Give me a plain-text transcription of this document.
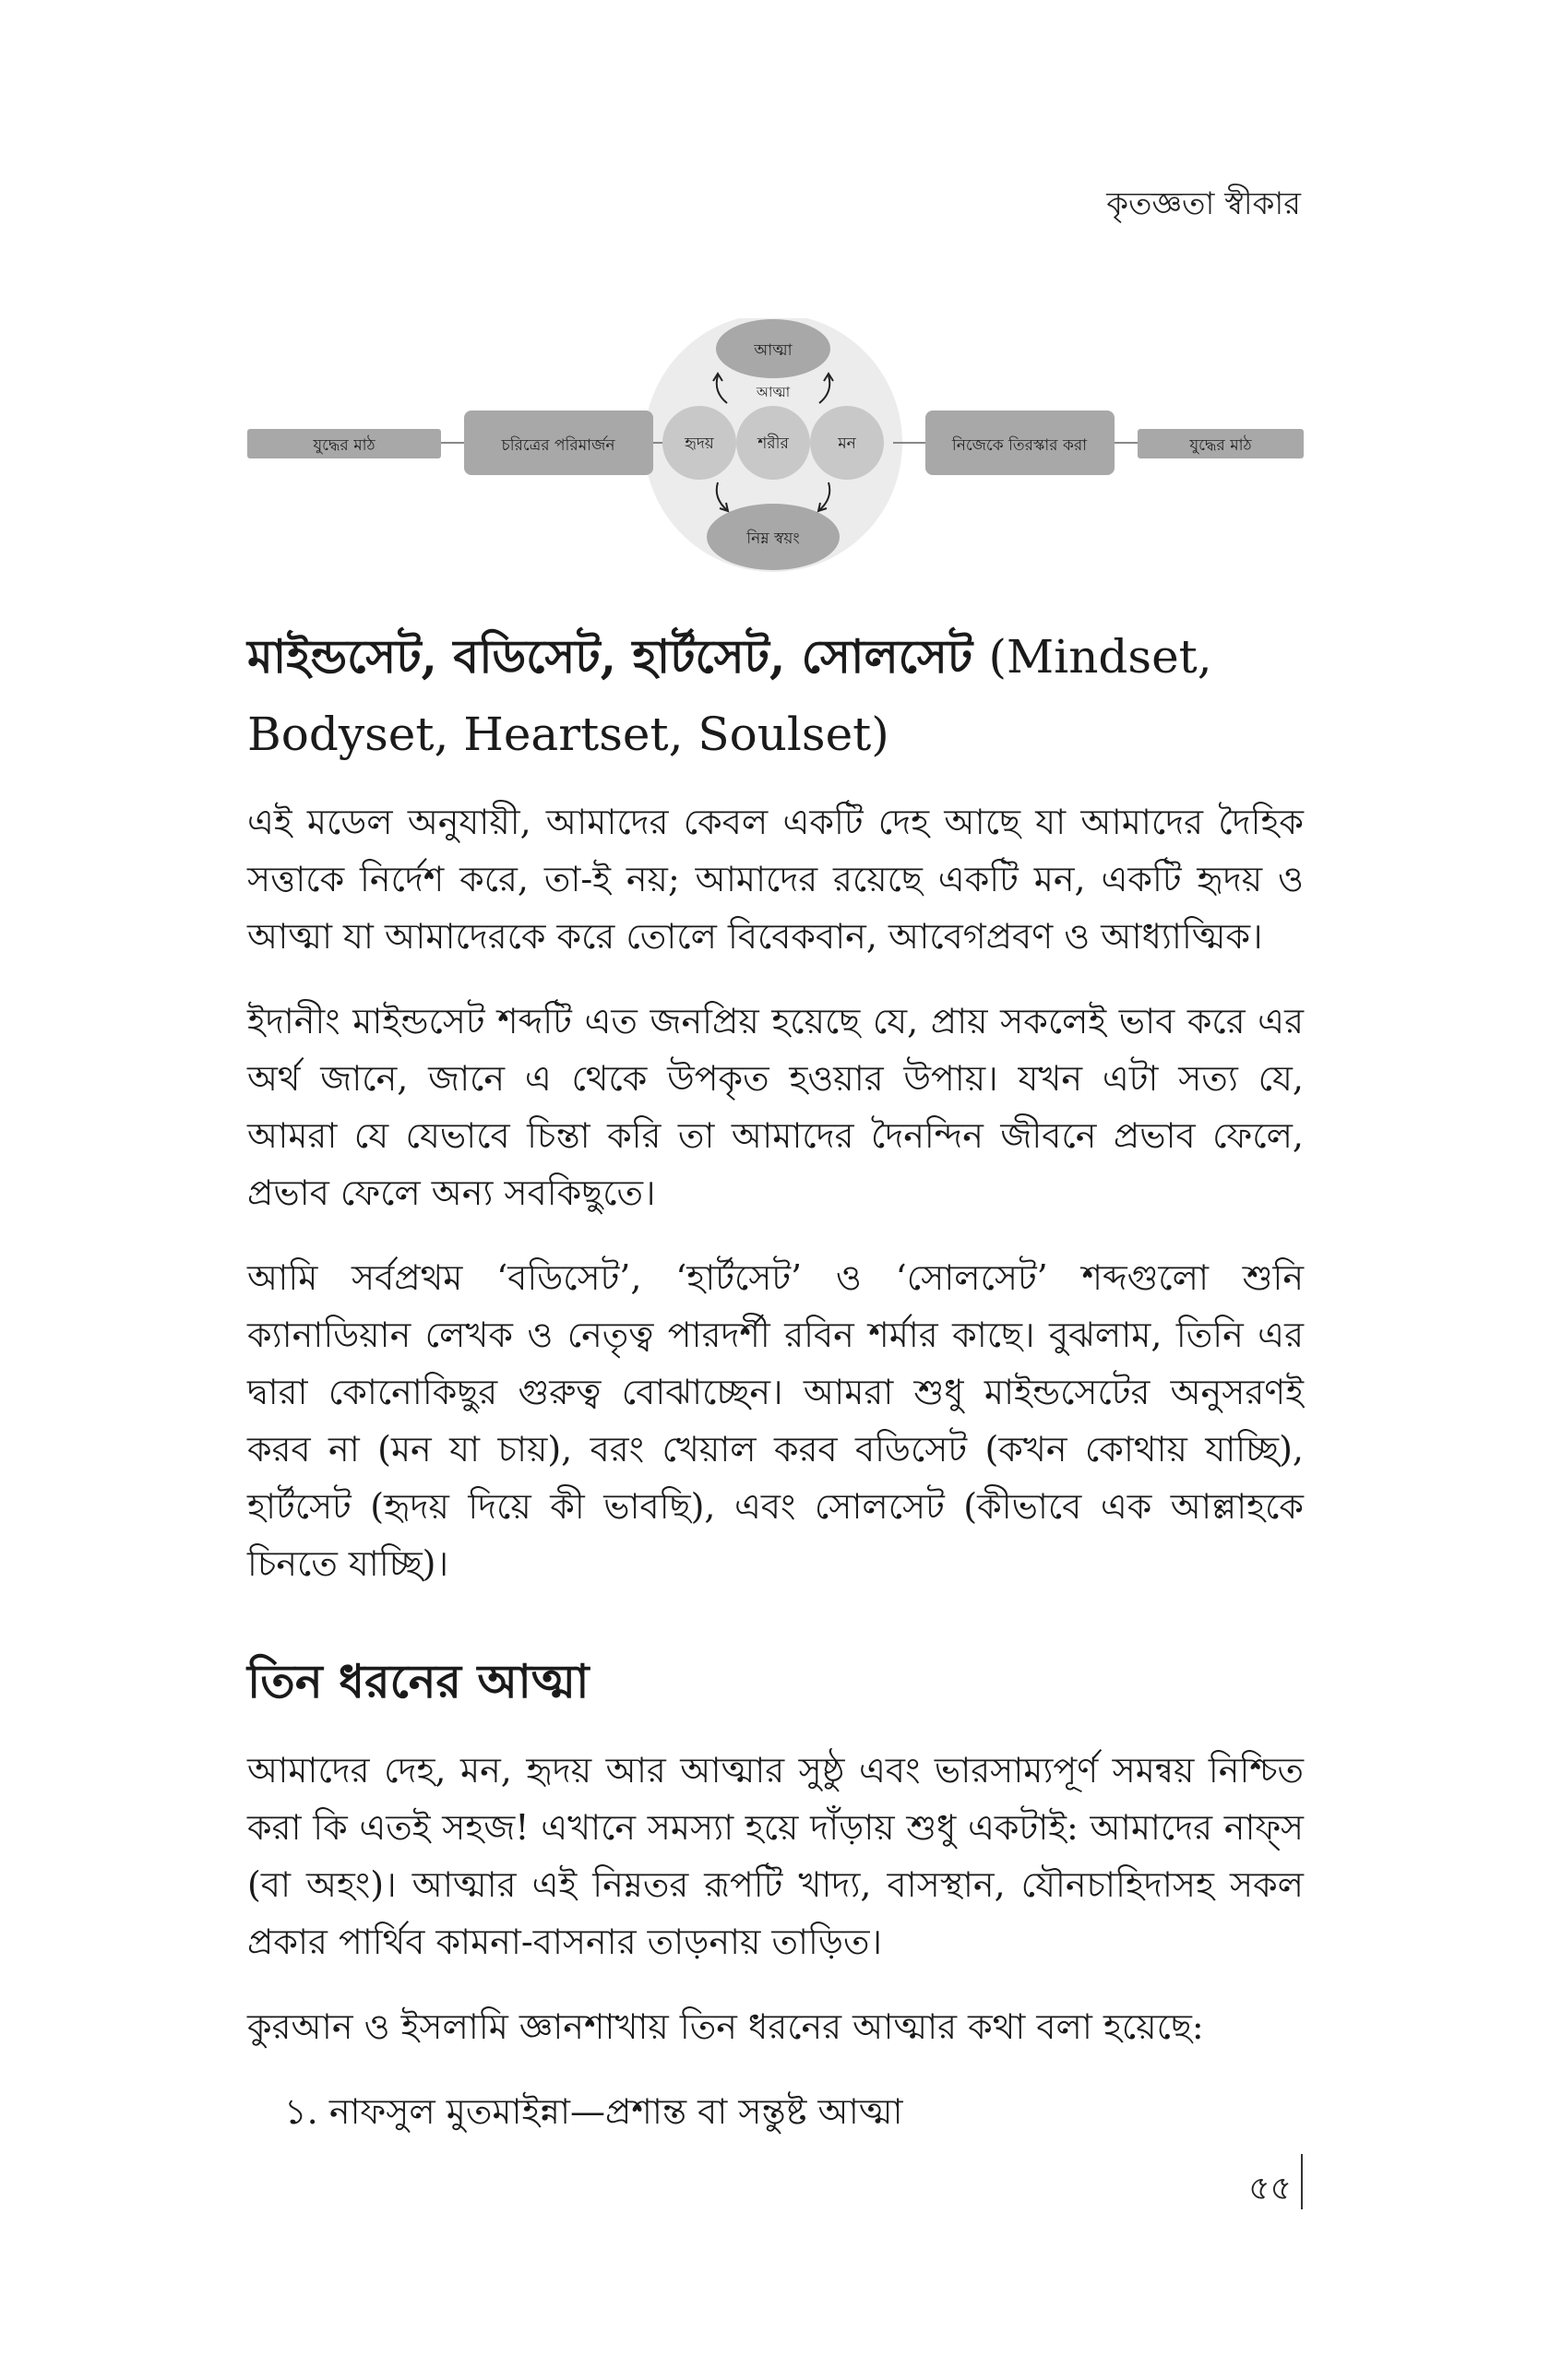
কৃতজ্ঞতা স্বীকার
যুদ্ধের মাঠ	চরিত্রের পরিমার্জন
আত্মা
আত্মা
হৃদয়	শরীর	মন
নিম্ন স্বয়ং
নিজেকে তিরস্কার করা	যুদ্ধের মাঠ
মাইন্ডসেট, বডিসেট, হার্টসেট, সোলসেট (Mindset, Bodyset, Heartset, Soulset)

এই মডেল অনুযায়ী, আমাদের কেবল একটি দেহ আছে যা আমাদের দৈহিক সত্তাকে নির্দেশ করে, তা-ই নয়; আমাদের রয়েছে একটি মন, একটি হৃদয় ও আত্মা যা আমাদেরকে করে তোলে বিবেকবান, আবেগপ্রবণ ও আধ্যাত্মিক।

ইদানীং মাইন্ডসেট শব্দটি এত জনপ্রিয় হয়েছে যে, প্রায় সকলেই ভাব করে এর অর্থ জানে, জানে এ থেকে উপকৃত হওয়ার উপায়। যখন এটা সত্য যে, আমরা যে যেভাবে চিন্তা করি তা আমাদের দৈনন্দিন জীবনে প্রভাব ফেলে, প্রভাব ফেলে অন্য সবকিছুতে।

আমি সর্বপ্রথম ‘বডিসেট’, ‘হার্টসেট’ ও ‘সোলসেট’ শব্দগুলো শুনি ক্যানাডিয়ান লেখক ও নেতৃত্ব পারদর্শী রবিন শর্মার কাছে। বুঝলাম, তিনি এর দ্বারা কোনোকিছুর গুরুত্ব বোঝাচ্ছেন। আমরা শুধু মাইন্ডসেটের অনুসরণই করব না (মন যা চায়), বরং খেয়াল করব বডিসেট (কখন কোথায় যাচ্ছি), হার্টসেট (হৃদয় দিয়ে কী ভাবছি), এবং সোলসেট (কীভাবে এক আল্লাহকে চিনতে যাচ্ছি)।

তিন ধরনের আত্মা

আমাদের দেহ, মন, হৃদয় আর আত্মার সুষ্ঠু এবং ভারসাম্যপূর্ণ সমন্বয় নিশ্চিত করা কি এতই সহজ! এখানে সমস্যা হয়ে দাঁড়ায় শুধু একটাই: আমাদের নাফ্স (বা অহং)। আত্মার এই নিম্নতর রূপটি খাদ্য, বাসস্থান, যৌনচাহিদাসহ সকল প্রকার পার্থিব কামনা-বাসনার তাড়নায় তাড়িত।

কুরআন ও ইসলামি জ্ঞানশাখায় তিন ধরনের আত্মার কথা বলা হয়েছে:

১. নাফসুল মুতমাইন্না—প্রশান্ত বা সন্তুষ্ট আত্মা
৫৫
